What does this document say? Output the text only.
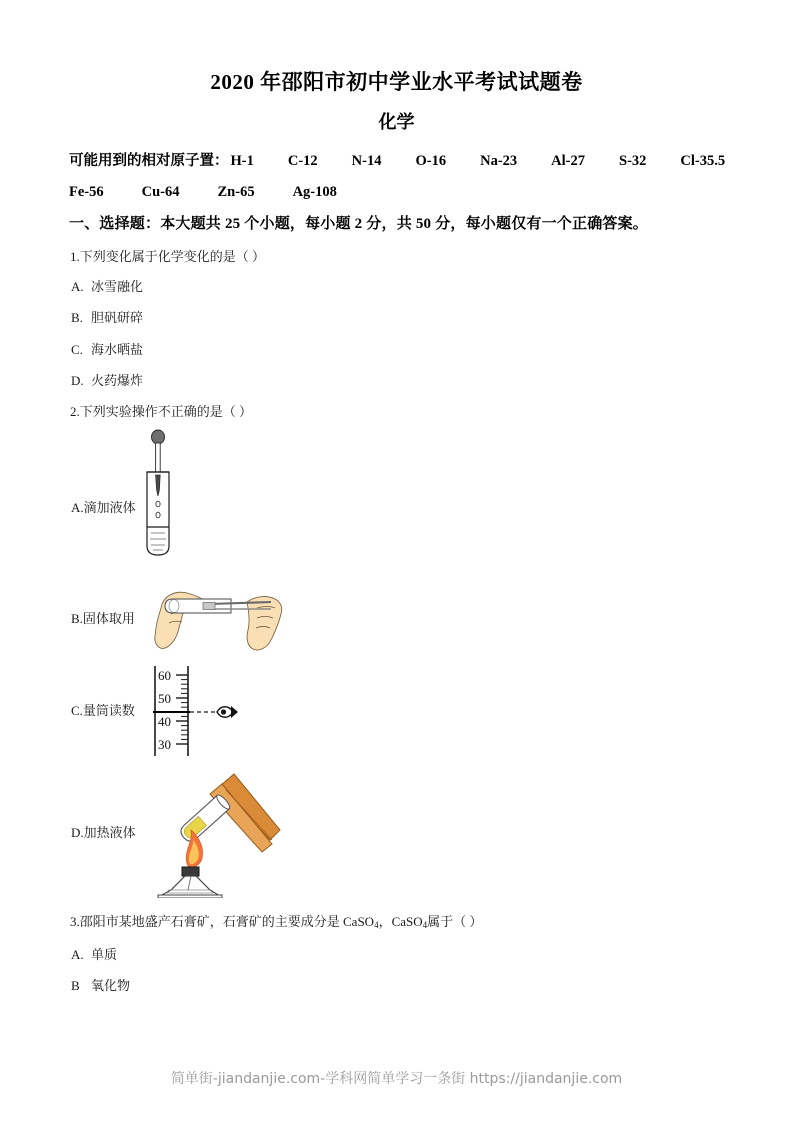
2020 年邵阳市初中学业水平考试试题卷
化学
可能用到的相对原子置： H-1 C-12 N-14 O-16 Na-23 Al-27 S-32 Cl-35.5
Fe-56	Cu-64	Zn-65	Ag-108
一、选择题：本大题共 25 个小题，每小题 2 分，共 50 分，每小题仅有一个正确答案。
1.下列变化属于化学变化的是（ ）
A. 冰雪融化
B. 胆矾研碎
C. 海水晒盐
D. 火药爆炸
2.下列实验操作不正确的是（ ）
A.滴加液体
B.固体取用
C.量筒读数
60
50
40
30
D.加热液体
3.邵阳市某地盛产石膏矿，石膏矿的主要成分是 CaSO$_4$，CaSO$_4$属于（ ）
A. 单质
B 氧化物
简单街-jiandanjie.com-学科网简单学习一条街 https://jiandanjie.com
